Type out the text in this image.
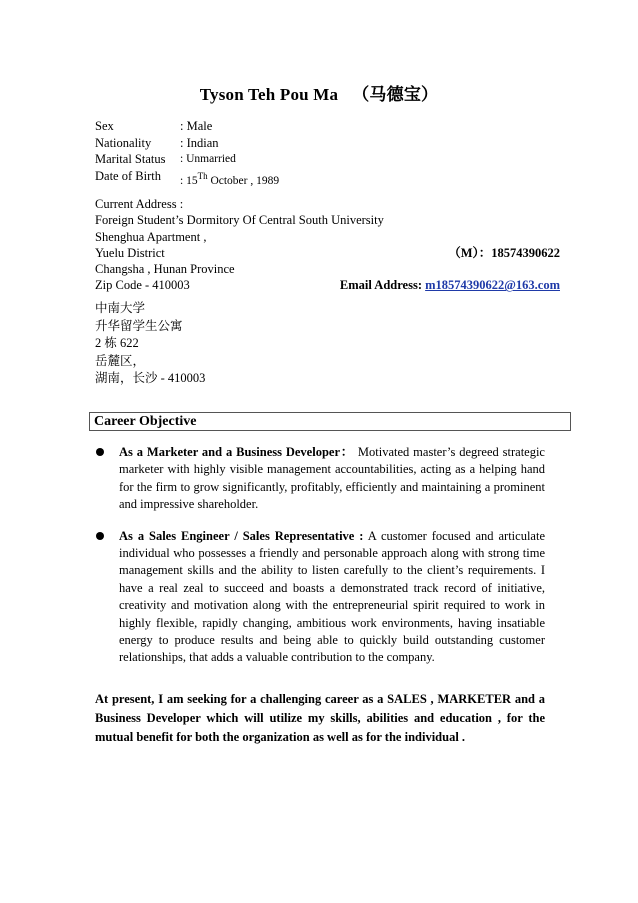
Tyson Teh Pou Ma （马德宝）
Sex	: Male
Nationality	: Indian
Marital Status	: Unmarried
Date of Birth	: 15Th October , 1989
Current Address :
Foreign Student’s Dormitory Of Central South University
Shenghua Apartment ,
Yuelu District	（M）：18574390622
Changsha , Hunan Province
Zip Code - 410003	Email Address: m18574390622@163.com
中南大学
升华留学生公寓
2 栋 622
岳麓区，
湖南，长沙 - 410003
Career Objective
As a Marketer and a Business Developer： Motivated master’s degreed strategic marketer with highly visible management accountabilities, acting as a helping hand for the firm to grow significantly, profitably, efficiently and maintaining a prominent and impressive shareholder.
As a Sales Engineer / Sales Representative : A customer focused and articulate individual who possesses a friendly and personable approach along with strong time management skills and the ability to listen carefully to the client’s requirements. I have a real zeal to succeed and boasts a demonstrated track record of initiative, creativity and motivation along with the entrepreneurial spirit required to work in highly flexible, rapidly changing, ambitious work environments, having insatiable energy to produce results and being able to quickly build outstanding customer relationships, that adds a valuable contribution to the company.
At present, I am seeking for a challenging career as a SALES , MARKETER and a Business Developer which will utilize my skills, abilities and education , for the mutual benefit for both the organization as well as for the individual .
